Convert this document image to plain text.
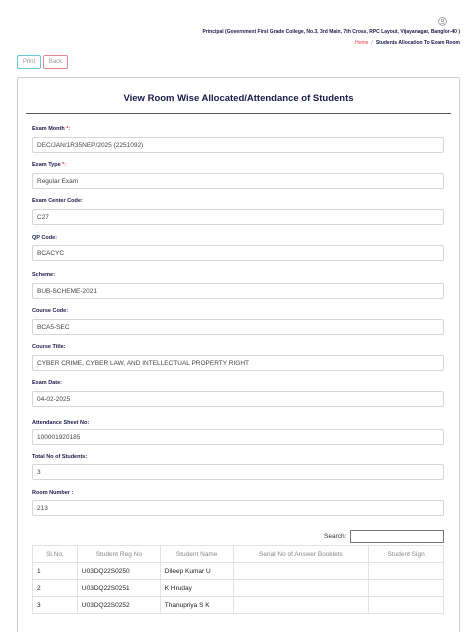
Principal (Government First Grade College, No.3, 3rd Main, 7th Cross, RPC Layout, Vijayanagar, Banglor-40 )
Home / Students Allocation To Exam Room
Print	Back
View Room Wise Allocated/Attendance of Students
Exam Month *:
DEC/JAN/1R35NEP/2025 (2251092)
Exam Type *:
Regular Exam
Exam Center Code:
C27
QP Code:
BCACYC
Scheme:
BUB-SCHEME-2021
Course Code:
BCA5-SEC
Course Title:
CYBER CRIME, CYBER LAW, AND INTELLECTUAL PROPERTY RIGHT
Exam Date:
04-02-2025
Attendance Sheet No:
100001920185
Total No of Students:
3
Room Number :
213
Search:
Sl.No.	Student Reg No	Student Name	Serial No of Answer Booklets	Student Sign
1	U03DQ22S0250	Dileep Kumar U		
2	U03DQ22S0251	K Hruday		
3	U03DQ22S0252	Thanupriya S K		
